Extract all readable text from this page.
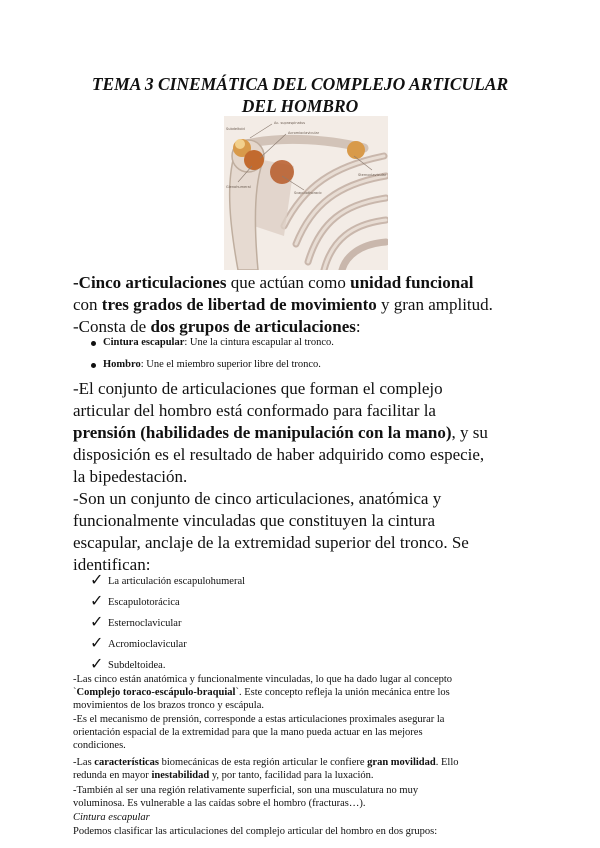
TEMA 3 CINEMÁTICA DEL COMPLEJO ARTICULAR
DEL HOMBRO
Ac. supraspinatus
Acromioclavicular
Scapulothoracic
Glenohumeral
Sternoclavicular
Subdeltoid
-Cinco articulaciones que actúan como unidad funcional
con tres grados de libertad de movimiento y gran amplitud.
-Consta de dos grupos de articulaciones:
Cintura escapular: Une la cintura escapular al tronco.
Hombro: Une el miembro superior libre del tronco.
-El conjunto de articulaciones que forman el complejo
articular del hombro está conformado para facilitar la
prensión (habilidades de manipulación con la mano), y su
disposición es el resultado de haber adquirido como especie,
la bipedestación.
-Son un conjunto de cinco articulaciones, anatómica y
funcionalmente vinculadas que constituyen la cintura
escapular, anclaje de la extremidad superior del tronco. Se
identifican:
✓ La articulación escapulohumeral
✓ Escapulotorácica
✓ Esternoclavicular
✓ Acromioclavicular
✓ Subdeltoidea.
-Las cinco están anatómica y funcionalmente vinculadas, lo que ha dado lugar al concepto
`Complejo toraco-escápulo-braquial`. Este concepto refleja la unión mecánica entre los
movimientos de los brazos tronco y escápula.
-Es el mecanismo de prensión, corresponde a estas articulaciones proximales asegurar la
orientación espacial de la extremidad para que la mano pueda actuar en las mejores
condiciones.
-Las características biomecánicas de esta región articular le confiere gran movilidad. Ello
redunda en mayor inestabilidad y, por tanto, facilidad para la luxación.
-También al ser una región relativamente superficial, son una musculatura no muy
voluminosa. Es vulnerable a las caídas sobre el hombro (fracturas…).
Cintura escapular
Podemos clasificar las articulaciones del complejo articular del hombro en dos grupos:
